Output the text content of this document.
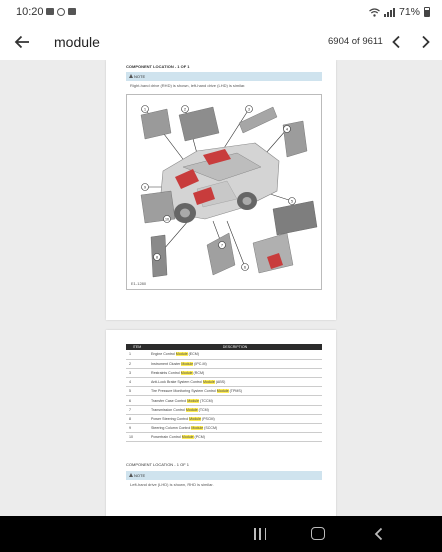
10:20	71%
module	6904 of 9611
COMPONENT LOCATION - 1 OF 1
NOTE
Right-hand drive (RHD) is shown, left-hand drive (LHD) is similar.
1	2	3
4
5
6
7
8
9
10
E1-1280
ITEM	DESCRIPTION
1	Engine Control Module (ECM)
2	Instrument Cluster Module (IPC-M)
3	Restraints Control Module (RCM)
4	Anti-Lock Brake System Control Module (ABS)
5	Tire Pressure Monitoring System Control Module (TPMS)
6	Transfer Case Control Module (TCCM)
7	Transmission Control Module (TCM)
8	Power Steering Control Module (PSCM)
9	Steering Column Control Module (SCCM)
10	Powertrain Control Module (PCM)
COMPONENT LOCATION - 1 OF 1
NOTE
Left-hand drive (LHD) is shown, RHD is similar.
